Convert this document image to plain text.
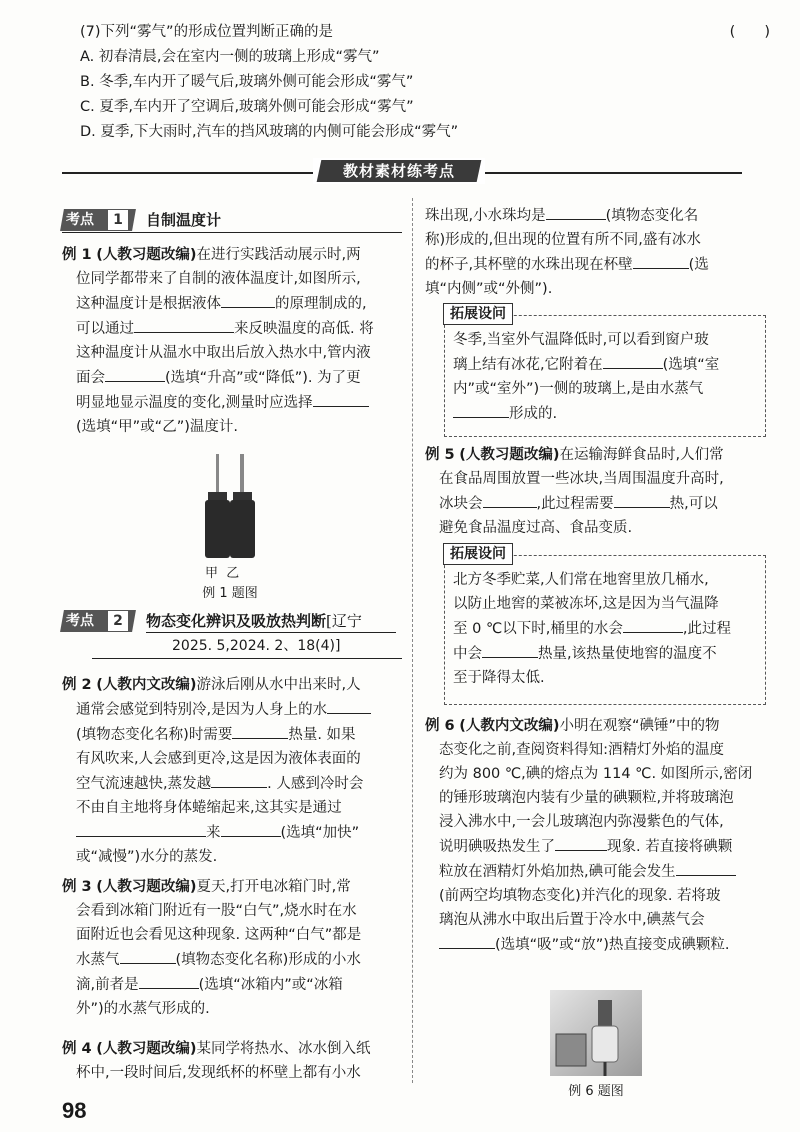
(7)下列“雾气”的形成位置判断正确的是	(　　)
A. 初春清晨,会在室内一侧的玻璃上形成“雾气”
B. 冬季,车内开了暖气后,玻璃外侧可能会形成“雾气”
C. 夏季,车内开了空调后,玻璃外侧可能会形成“雾气”
D. 夏季,下大雨时,汽车的挡风玻璃的内侧可能会形成“雾气”
教材素材练考点
考点	1	自制温度计
例 1 (人教习题改编)在进行实践活动展示时,两
位同学都带来了自制的液体温度计,如图所示,
这种温度计是根据液体	的原理制成的,
可以通过	来反映温度的高低. 将
这种温度计从温水中取出后放入热水中,管内液
面会	(选填“升高”或“降低”). 为了更
明显地显示温度的变化,测量时应选择
(选填“甲”或“乙”)温度计.
甲 乙
例 1 题图
考点	2	物态变化辨识及吸放热判断[辽宁
2025. 5,2024. 2、18(4)]
例 2 (人教内文改编)游泳后刚从水中出来时,人
通常会感觉到特别冷,是因为人身上的水
(填物态变化名称)时需要	热量. 如果
有风吹来,人会感到更冷,这是因为液体表面的
空气流速越快,蒸发越	. 人感到冷时会
不由自主地将身体蜷缩起来,这其实是通过
来	(选填“加快”
或“减慢”)水分的蒸发.
例 3 (人教习题改编)夏天,打开电冰箱门时,常
会看到冰箱门附近有一股“白气”,烧水时在水
面附近也会看见这种现象. 这两种“白气”都是
水蒸气	(填物态变化名称)形成的小水
滴,前者是	(选填“冰箱内”或“冰箱
外”)的水蒸气形成的.
例 4 (人教习题改编)某同学将热水、冰水倒入纸
杯中,一段时间后,发现纸杯的杯壁上都有小水
珠出现,小水珠均是	(填物态变化名
称)形成的,但出现的位置有所不同,盛有冰水
的杯子,其杯壁的水珠出现在杯壁	(选
填“内侧”或“外侧”).
拓展设问
冬季,当室外气温降低时,可以看到窗户玻
璃上结有冰花,它附着在	(选填“室
内”或“室外”)一侧的玻璃上,是由水蒸气
形成的.
例 5 (人教习题改编)在运输海鲜食品时,人们常
在食品周围放置一些冰块,当周围温度升高时,
冰块会	,此过程需要	热,可以
避免食品温度过高、食品变质.
拓展设问
北方冬季贮菜,人们常在地窖里放几桶水,
以防止地窖的菜被冻坏,这是因为当气温降
至 0 ℃以下时,桶里的水会	,此过程
中会	热量,该热量使地窖的温度不
至于降得太低.
例 6 (人教内文改编)小明在观察“碘锤”中的物
态变化之前,查阅资料得知:酒精灯外焰的温度
约为 800 ℃,碘的熔点为 114 ℃. 如图所示,密闭
的锤形玻璃泡内装有少量的碘颗粒,并将玻璃泡
浸入沸水中,一会儿玻璃泡内弥漫紫色的气体,
说明碘吸热发生了	现象. 若直接将碘颗
粒放在酒精灯外焰加热,碘可能会发生
(前两空均填物态变化)并汽化的现象. 若将玻
璃泡从沸水中取出后置于冷水中,碘蒸气会
(选填“吸”或“放”)热直接变成碘颗粒.
例 6 题图
98
